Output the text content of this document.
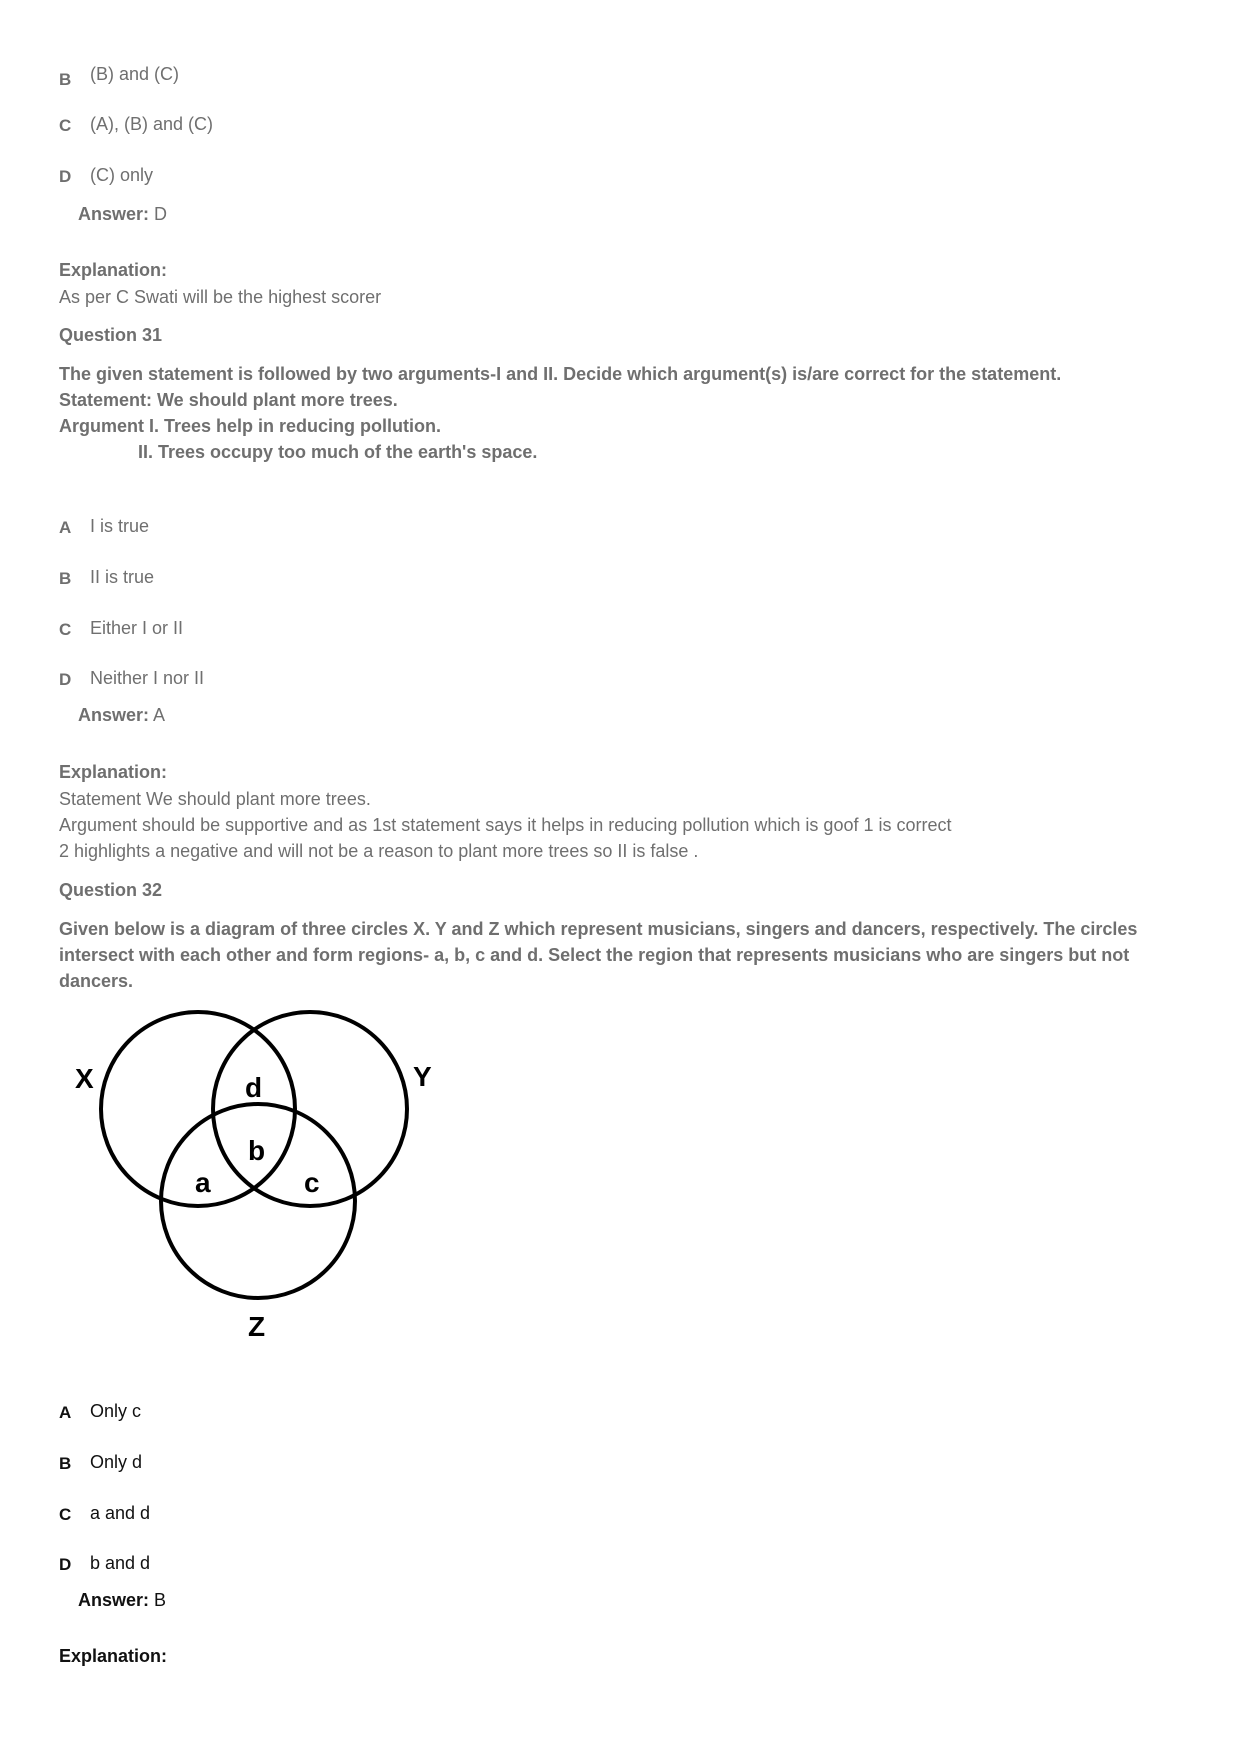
B (B) and (C)
C (A), (B) and (C)
D (C) only
Answer: D
Explanation:
As per C Swati will be the highest scorer
Question 31
The given statement is followed by two arguments-I and II. Decide which argument(s) is/are correct for the statement.
Statement: We should plant more trees.
Argument I. Trees help in reducing pollution.
II. Trees occupy too much of the earth's space.
A I is true
B II is true
C Either I or II
D Neither I nor II
Answer: A
Explanation:
Statement We should plant more trees.
Argument should be supportive and as 1st statement says it helps in reducing pollution which is goof 1 is correct
2 highlights a negative and will not be a reason to plant more trees so II is false .
Question 32
Given below is a diagram of three circles X. Y and Z which represent musicians, singers and dancers, respectively. The circles
intersect with each other and form regions- a, b, c and d. Select the region that represents musicians who are singers but not
dancers.
X	Y
Z
d
b
a	c
A Only c
B Only d
C a and d
D b and d
Answer: B
Explanation:
